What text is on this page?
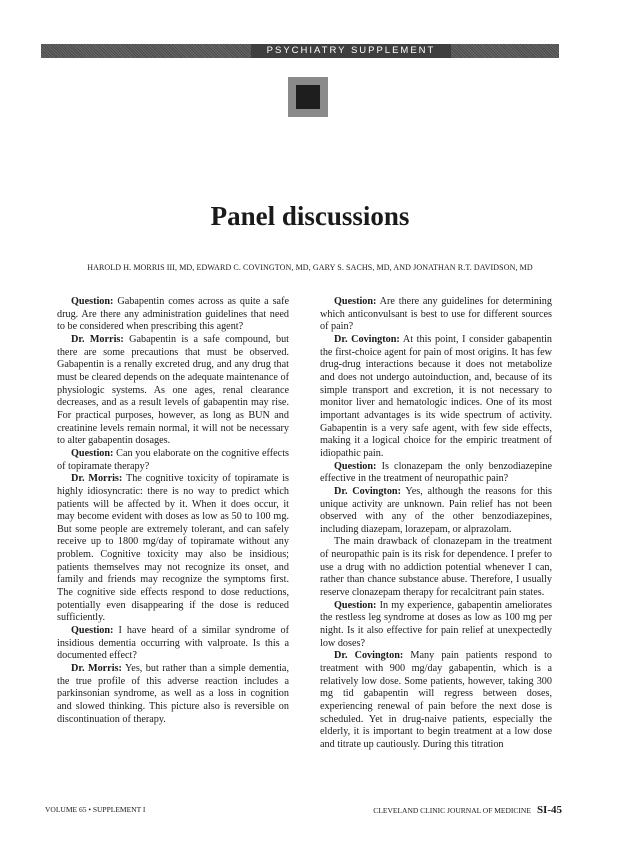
PSYCHIATRY SUPPLEMENT
Panel discussions
HAROLD H. MORRIS III, MD, EDWARD C. COVINGTON, MD, GARY S. SACHS, MD, AND JONATHAN R.T. DAVIDSON, MD

Question: Gabapentin comes across as quite a safe drug. Are there any administration guidelines that need to be considered when prescribing this agent?

Dr. Morris: Gabapentin is a safe compound, but there are some precautions that must be observed. Gabapentin is a renally excreted drug, and any drug that must be cleared depends on the adequate maintenance of physiologic systems. As one ages, renal clearance decreases, and as a result levels of gabapentin may rise. For practical purposes, however, as long as BUN and creatinine levels remain normal, it will not be necessary to alter gabapentin dosages.

Question: Can you elaborate on the cognitive effects of topiramate therapy?

Dr. Morris: The cognitive toxicity of topiramate is highly idiosyncratic: there is no way to predict which patients will be affected by it. When it does occur, it may become evident with doses as low as 50 to 100 mg. But some people are extremely tolerant, and can safely receive up to 1800 mg/day of topiramate without any problem. Cognitive toxicity may also be insidious; patients themselves may not recognize its onset, and family and friends may recognize the symptoms first. The cognitive side effects respond to dose reductions, potentially even disappearing if the dose is reduced sufficiently.

Question: I have heard of a similar syndrome of insidious dementia occurring with valproate. Is this a documented effect?

Dr. Morris: Yes, but rather than a simple dementia, the true profile of this adverse reaction includes a parkinsonian syndrome, as well as a loss in cognition and slowed thinking. This picture also is reversible on discontinuation of therapy.

Question: Are there any guidelines for determining which anticonvulsant is best to use for different sources of pain?

Dr. Covington: At this point, I consider gabapentin the first-choice agent for pain of most origins. It has few drug-drug interactions because it does not metabolize and does not undergo autoinduction, and, because of its simple transport and excretion, it is not necessary to monitor liver and hematologic indices. One of its most important advantages is its wide spectrum of activity. Gabapentin is a very safe agent, with few side effects, making it a logical choice for the empiric treatment of idiopathic pain.

Question: Is clonazepam the only benzodiazepine effective in the treatment of neuropathic pain?

Dr. Covington: Yes, although the reasons for this unique activity are unknown. Pain relief has not been observed with any of the other benzodiazepines, including diazepam, lorazepam, or alprazolam.

The main drawback of clonazepam in the treatment of neuropathic pain is its risk for dependence. I prefer to use a drug with no addiction potential whenever I can, rather than chance substance abuse. Therefore, I usually reserve clonazepam therapy for recalcitrant pain states.

Question: In my experience, gabapentin ameliorates the restless leg syndrome at doses as low as 100 mg per night. Is it also effective for pain relief at unexpectedly low doses?

Dr. Covington: Many pain patients respond to treatment with 900 mg/day gabapentin, which is a relatively low dose. Some patients, however, taking 300 mg tid gabapentin will regress between doses, experiencing renewal of pain before the next dose is scheduled. Yet in drug-naive patients, especially the elderly, it is important to begin treatment at a low dose and titrate up cautiously. During this titration

VOLUME 65 • SUPPLEMENT I	CLEVELAND CLINIC JOURNAL OF MEDICINE SI-45
